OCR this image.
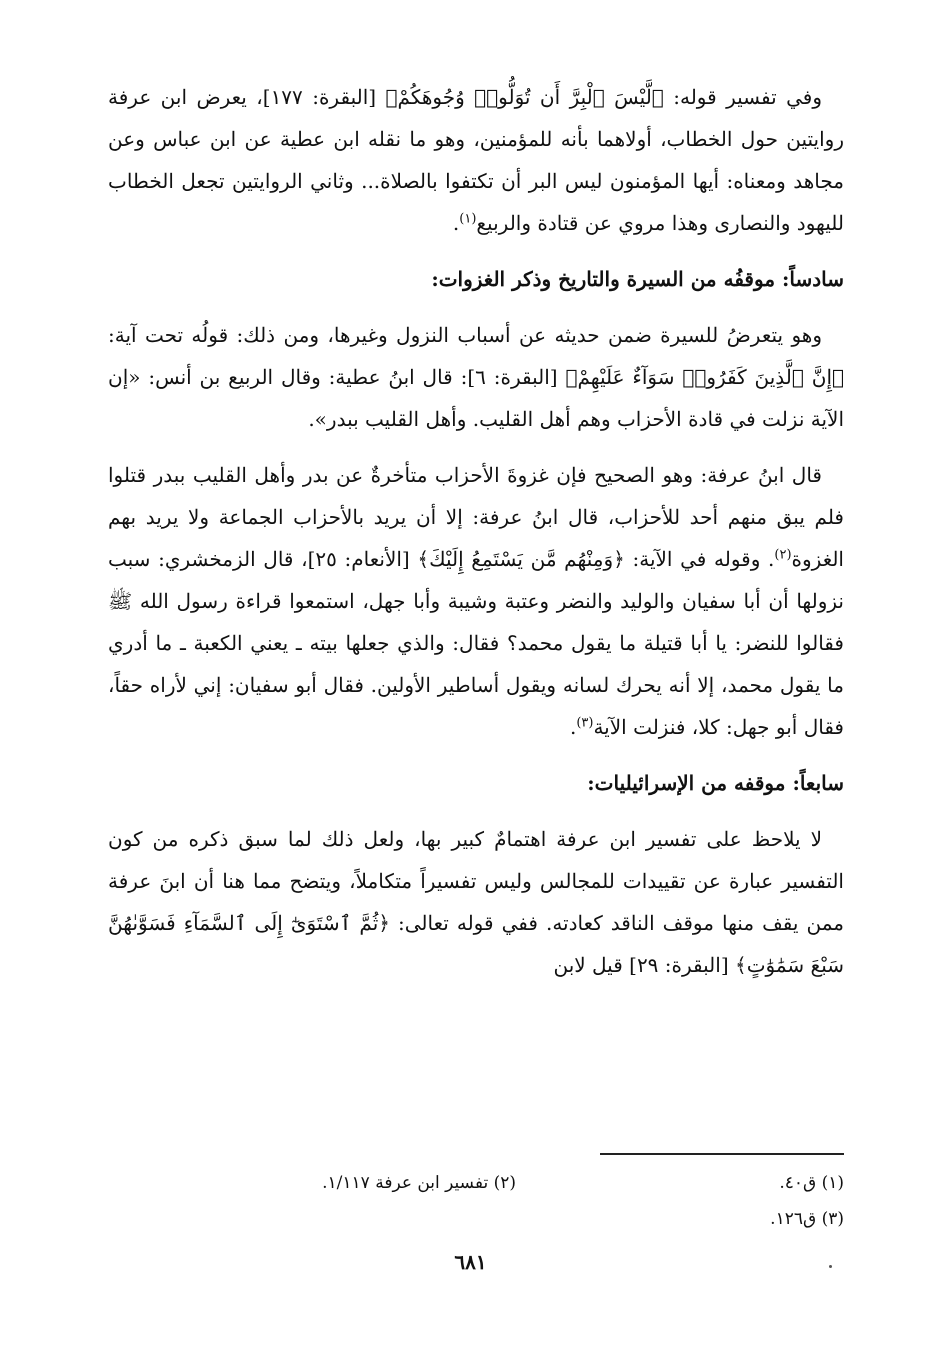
وفي تفسير قوله: ﴿لَّيْسَ ٱلْبِرَّ أَن تُوَلُّوا۟ وُجُوهَكُمْ﴾ [البقرة: ١٧٧]، يعرض ابن عرفة روايتين حول الخطاب، أولاهما بأنه للمؤمنين، وهو ما نقله ابن عطية عن ابن عباس وعن مجاهد ومعناه: أيها المؤمنون ليس البر أن تكتفوا بالصلاة... وثاني الروايتين تجعل الخطاب لليهود والنصارى وهذا مروي عن قتادة والربيع$^{(١)}$.

سادساً: موقفُه من السيرة والتاريخ وذكر الغزوات:

وهو يتعرضُ للسيرة ضمن حديثه عن أسباب النزول وغيرها، ومن ذلك: قولُه تحت آية: ﴿إِنَّ ٱلَّذِينَ كَفَرُوا۟ سَوَآءٌ عَلَيْهِمْ﴾ [البقرة: ٦]: قال ابنُ عطية: وقال الربيع بن أنس: «إن الآية نزلت في قادة الأحزاب وهم أهل القليب. وأهل القليب ببدر».

قال ابنُ عرفة: وهو الصحيح فإن غزوةَ الأحزاب متأخرةٌ عن بدر وأهل القليب ببدر قتلوا فلم يبق منهم أحد للأحزاب، قال ابنُ عرفة: إلا أن يريد بالأحزاب الجماعة ولا يريد بهم الغزوة$^{(٢)}$. وقوله في الآية: ﴿وَمِنْهُم مَّن يَسْتَمِعُ إِلَيْكَ﴾ [الأنعام: ٢٥]، قال الزمخشري: سبب نزولها أن أبا سفيان والوليد والنضر وعتبة وشيبة وأبا جهل، استمعوا قراءة رسول الله ﷺ فقالوا للنضر: يا أبا قتيلة ما يقول محمد؟ فقال: والذي جعلها بيته ـ يعني الكعبة ـ ما أدري ما يقول محمد، إلا أنه يحرك لسانه ويقول أساطير الأولين. فقال أبو سفيان: إني لأراه حقاً، فقال أبو جهل: كلا، فنزلت الآية$^{(٣)}$.

سابعاً: موقفه من الإسرائيليات:

لا يلاحظ على تفسير ابن عرفة اهتمامٌ كبير بها، ولعل ذلك لما سبق ذكره من كون التفسير عبارة عن تقييدات للمجالس وليس تفسيراً متكاملاً، ويتضح مما هنا أن ابنَ عرفة ممن يقف منها موقف الناقد كعادته. ففي قوله تعالى: ﴿ثُمَّ ٱسْتَوَىٰٓ إِلَى ٱلسَّمَآءِ فَسَوَّىٰهُنَّ سَبْعَ سَمَٰوَٰتٍ﴾ [البقرة: ٢٩] قيل لابن

(١) ق٤٠.
(٢) تفسير ابن عرفة ١/١١٧.
(٣) ق١٢٦.
٦٨١
